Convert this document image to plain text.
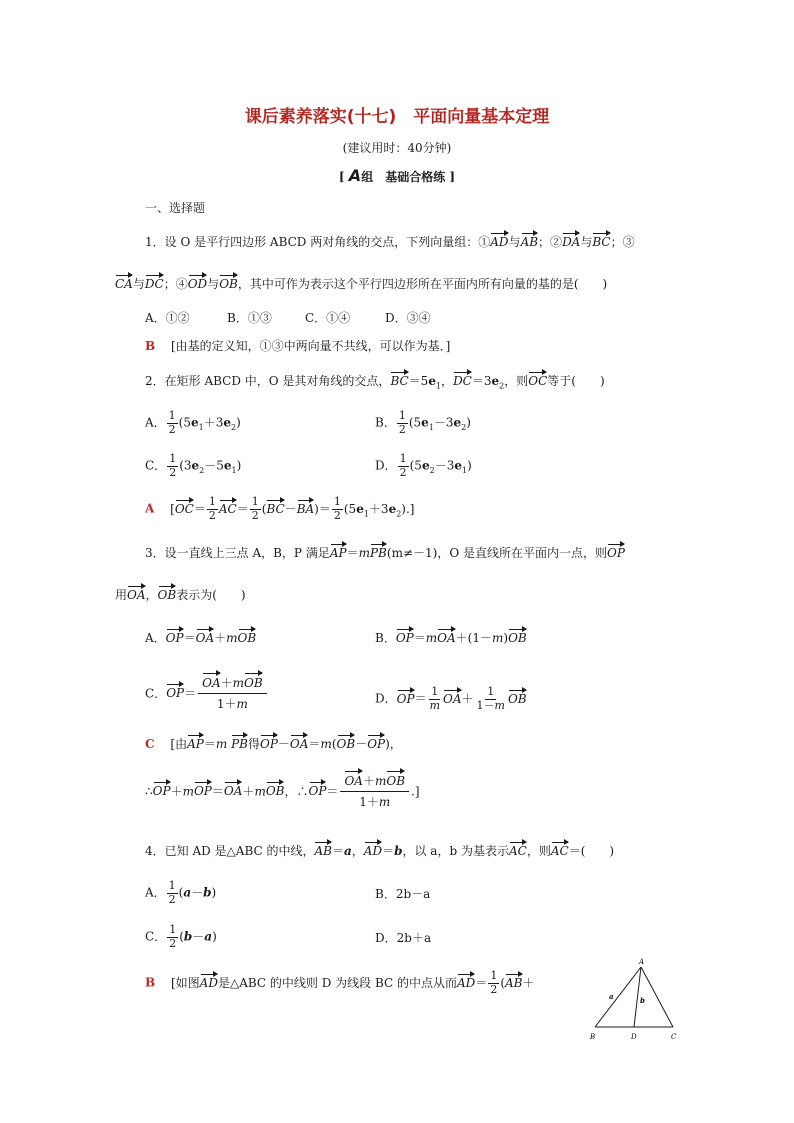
课后素养落实(十七)　平面向量基本定理
(建议用时：40分钟)
[ A组　基础合格练 ]
一、选择题
1．设 O 是平行四边形 ABCD 两对角线的交点，下列向量组：①AD与AB；②DA与BC；③
CA与DC；④OD与OB，其中可作为表示这个平行四边形所在平面内所有向量的基的是(　　)
A．①②	B．①③	C．①④	D．③④
B [由基的定义知，①③中两向量不共线，可以作为基．]
2．在矩形 ABCD 中，O 是其对角线的交点，$BC=5e_1$，$DC=3e_2$，则OC等于(　　)
A． $\frac{1}{2} (5e_1+3e_2)$	B． $\frac{1}{2} (5e_1-3e_2)$
C． $\frac{1}{2} (3e_2-5e_1)$	D． $\frac{1}{2} (5e_2-3e_1)$
A $[OC= \frac{1}{2} AC= \frac{1}{2} (BC-BA)= \frac{1}{2} (5e_1+3e_2).]$
3．设一直线上三点 A，B，P 满足AP＝mPB(m≠－1)，O 是直线所在平面内一点，则OP
用OA，OB表示为(　　)
A．OP＝OA＋mOB	B．OP＝mOA＋(1－m)OB
C．$OP= \frac{\text{OA＋mOB}}{1+m}$	D．$OP= \frac{1}{m} OA+ \frac{1}{1-m}$ OB
C [由AP＝m PB得OP－OA＝m(OB－OP)，
∴OP＋mOP＝OA＋mOB，∴OP＝ $\frac{\text{OA＋mOB}}{1+m}$ .]
4．已知 AD 是△ABC 的中线，AB＝a，AD＝b，以 a，b 为基表示AC，则AC＝(　　)
A． $\frac{1}{2} (a-b)$	B．2b－a
C． $\frac{1}{2} (b-a)$	D．2b＋a
B [如图AD是△ABC 的中线则 D 为线段 BC 的中点从而$AD= \frac{1}{2} (AB+$
A
B	C
D
a	b
